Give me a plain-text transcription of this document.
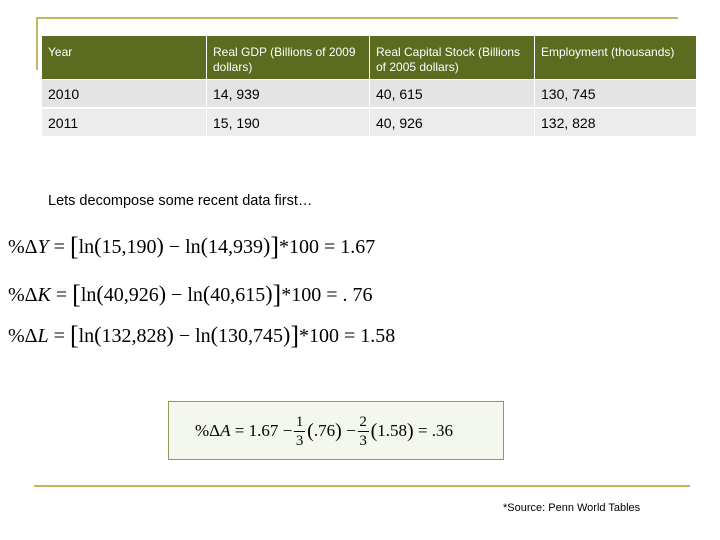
Year	Real GDP (Billions of 2009 dollars)	Real Capital Stock (Billions of 2005 dollars)	Employment (thousands)
2010	14, 939	40, 615	130, 745
2011	15, 190	40, 926	132, 828
Lets decompose some recent data first…
%ΔY = [ln(15,190) − ln(14,939)]*100 = 1.67
%ΔK = [ln(40,926) − ln(40,615)]*100 = . 76
%ΔL = [ln(132,828) − ln(130,745)]*100 = 1.58
%Δ A
= $1.67 - \frac{1}{3}$ ( .76 ) − $\frac{2}{3}$ ( 1.58 )
= .36
*Source: Penn World Tables
